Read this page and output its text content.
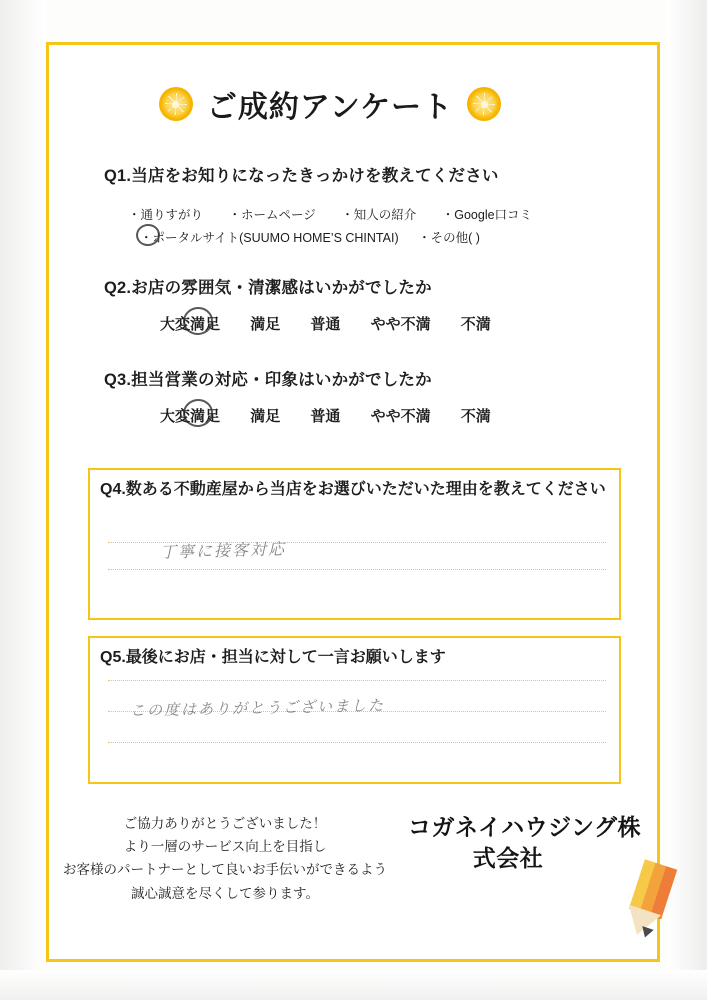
ご成約アンケート
Q1.当店をお知りになったきっかけを教えてください
・通りすがり ・ホームページ ・知人の紹介 ・Google口コミ
・ポータルサイト(SUUMO HOME’S CHINTAI) ・その他( )
Q2.お店の雰囲気・清潔感はいかがでしたか
大変満足 満足 普通 やや不満 不満
Q3.担当営業の対応・印象はいかがでしたか
大変満足 満足 普通 やや不満 不満
Q4.数ある不動産屋から当店をお選びいただいた理由を教えてください
丁寧に接客対応
Q5.最後にお店・担当に対して一言お願いします
この度はありがとうございました
ご協力ありがとうございました！
より一層のサービス向上を目指し
お客様のパートナーとして良いお手伝いができるよう
誠心誠意を尽くして参ります。
コガネイハウジング株
式会社
